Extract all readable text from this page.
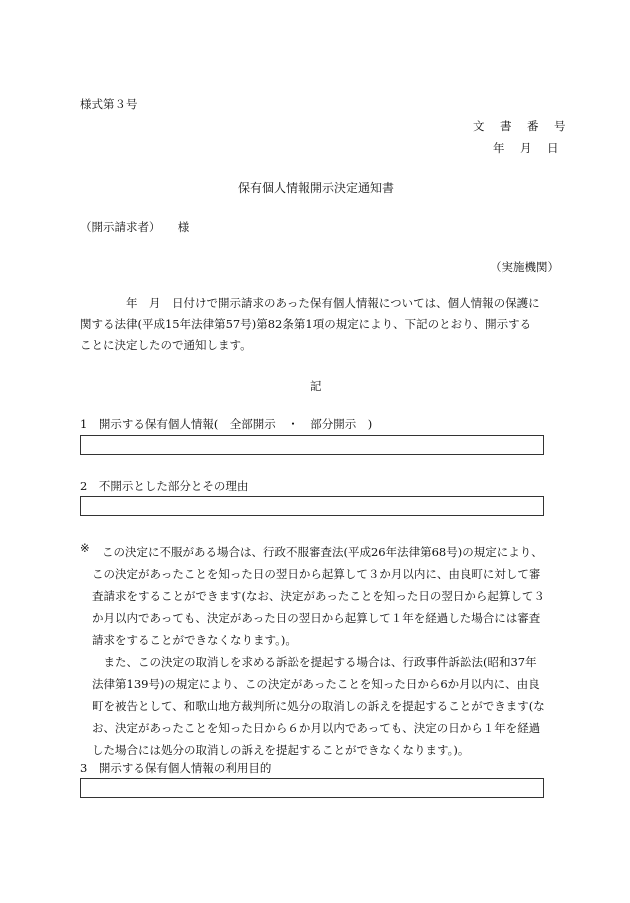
様式第３号
文　書　番　号
年　月　日
保有個人情報開示決定通知書
（開示請求者）　　様
（実施機関）
　　　　年　月　日付けで開示請求のあった保有個人情報については、個人情報の保護に
関する法律(平成15年法律第57号)第82条第1項の規定により、下記のとおり、開示する
ことに決定したので通知します。
記
1　開示する保有個人情報(　全部開示　・　部分開示　)
2　不開示とした部分とその理由
※	この決定に不服がある場合は、行政不服審査法(平成26年法律第68号)の規定により、
この決定があったことを知った日の翌日から起算して３か月以内に、由良町に対して審
査請求をすることができます(なお、決定があったことを知った日の翌日から起算して３
か月以内であっても、決定があった日の翌日から起算して１年を経過した場合には審査
請求をすることができなくなります。)。
　また、この決定の取消しを求める訴訟を提起する場合は、行政事件訴訟法(昭和37年
法律第139号)の規定により、この決定があったことを知った日から6か月以内に、由良
町を被告として、和歌山地方裁判所に処分の取消しの訴えを提起することができます(な
お、決定があったことを知った日から６か月以内であっても、決定の日から１年を経過
した場合には処分の取消しの訴えを提起することができなくなります。)。
3　開示する保有個人情報の利用目的
